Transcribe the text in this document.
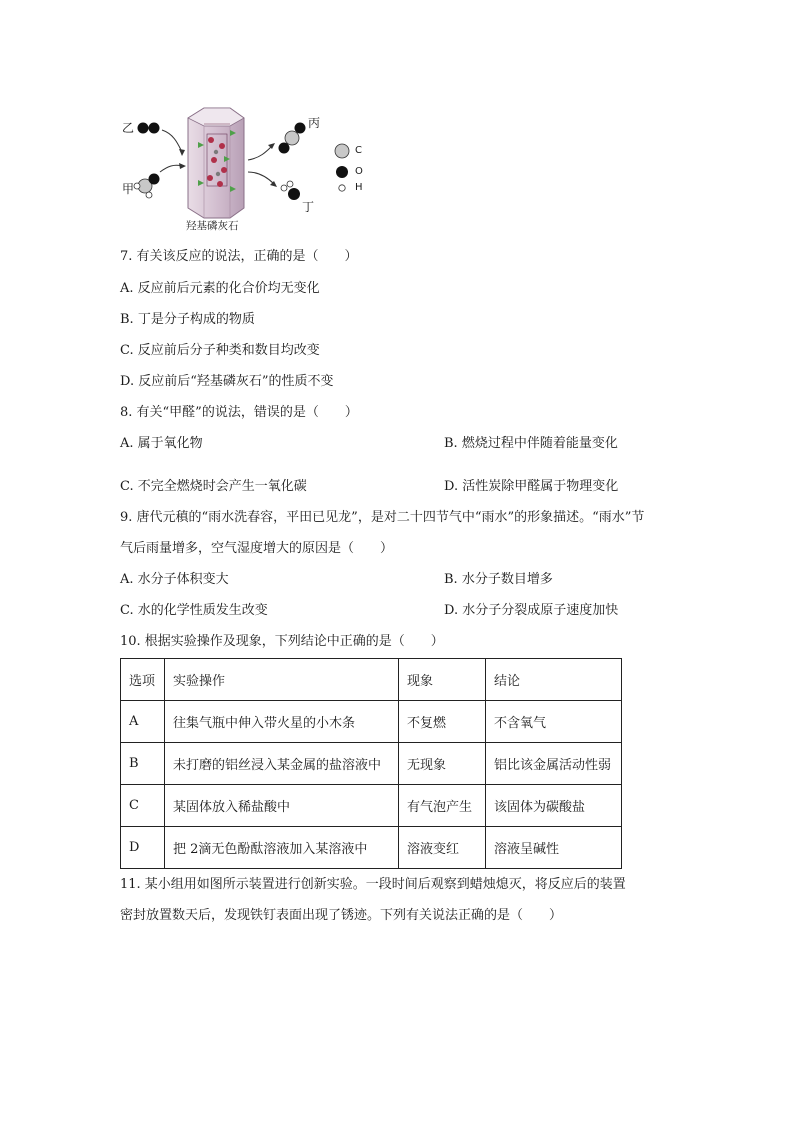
乙
甲
丙
丁
羟基磷灰石
C
O
H
7. 有关该反应的说法，正确的是（　　）
A. 反应前后元素的化合价均无变化
B. 丁是分子构成的物质
C. 反应前后分子种类和数目均改变
D. 反应前后“羟基磷灰石”的性质不变
8. 有关“甲醛”的说法，错误的是（　　）
A. 属于氧化物	B. 燃烧过程中伴随着能量变化
C. 不完全燃烧时会产生一氧化碳	D. 活性炭除甲醛属于物理变化
9. 唐代元稹的“雨水洗春容，平田已见龙”，是对二十四节气中“雨水”的形象描述。“雨水”节
气后雨量增多，空气湿度增大的原因是（　　）
A. 水分子体积变大	B. 水分子数目增多
C. 水的化学性质发生改变	D. 水分子分裂成原子速度加快
10. 根据实验操作及现象，下列结论中正确的是（　　）
选项	实验操作	现象	结论
A	往集气瓶中伸入带火星的小木条	不复燃	不含氧气
B	未打磨的铝丝浸入某金属的盐溶液中	无现象	铝比该金属活动性弱
C	某固体放入稀盐酸中	有气泡产生	该固体为碳酸盐
D	把 2滴无色酚酞溶液加入某溶液中	溶液变红	溶液呈碱性
11. 某小组用如图所示装置进行创新实验。一段时间后观察到蜡烛熄灭，将反应后的装置
密封放置数天后，发现铁钉表面出现了锈迹。下列有关说法正确的是（　　）
